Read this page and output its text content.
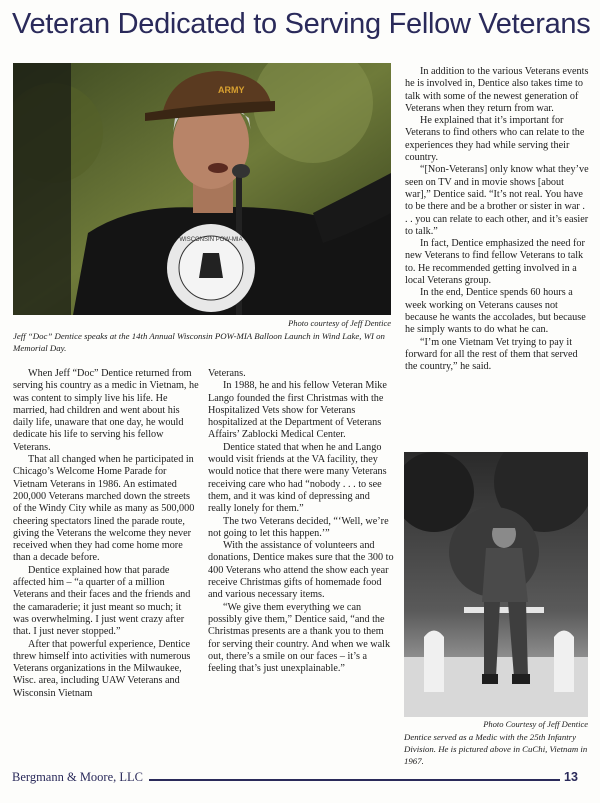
Veteran Dedicated to Serving Fellow Veterans
ARMY
WISCONSIN POW-MIA
Photo courtesy of Jeff Dentice
Jeff “Doc” Dentice speaks at the 14th Annual Wisconsin POW-MIA Balloon Launch in Wind Lake, WI on Memorial Day.

When Jeff “Doc” Dentice returned from serving his country as a medic in Vietnam, he was content to simply live his life. He married, had children and went about his daily life, unaware that one day, he would dedicate his life to serving his fellow Veterans.

That all changed when he participated in Chicago’s Welcome Home Parade for Vietnam Veterans in 1986. An estimated 200,000 Veterans marched down the streets of the Windy City while as many as 500,000 cheering spectators lined the parade route, giving the Veterans the welcome they never received when they had come home more than a decade before.

Dentice explained how that parade affected him – “a quarter of a million Veterans and their faces and the friends and the camaraderie; it just meant so much; it was overwhelming. I just went crazy after that. I just never stopped.”

After that powerful experience, Dentice threw himself into activities with numerous Veterans organizations in the Milwaukee, Wisc. area, including UAW Veterans and Wisconsin Vietnam

Veterans.

In 1988, he and his fellow Veteran Mike Lango founded the first Christmas with the Hospitalized Vets show for Veterans hospitalized at the Department of Veterans Affairs’ Zablocki Medical Center.

Dentice stated that when he and Lango would visit friends at the VA facility, they would notice that there were many Veterans receiving care who had “nobody . . . to see them, and it was kind of depressing and really lonely for them.”

The two Veterans decided, “‘Well, we’re not going to let this happen.’”

With the assistance of volunteers and donations, Dentice makes sure that the 300 to 400 Veterans who attend the show each year receive Christmas gifts of homemade food and various necessary items.

“We give them everything we can possibly give them,” Dentice said, “and the Christmas presents are a thank you to them for serving their country. And when we walk out, there’s a smile on our faces – it’s a feeling that’s just unexplainable.”

In addition to the various Veterans events he is involved in, Dentice also takes time to talk with some of the newest generation of Veterans when they return from war.

He explained that it’s important for Veterans to find others who can relate to the experiences they had while serving their country.

“[Non-Veterans] only know what they’ve seen on TV and in movie shows [about war],” Dentice said. “It’s not real. You have to be there and be a brother or sister in war . . . you can relate to each other, and it’s easier to talk.”

In fact, Dentice emphasized the need for new Veterans to find fellow Veterans to talk to. He recommended getting involved in a local Veterans group.

In the end, Dentice spends 60 hours a week working on Veterans causes not because he wants the accolades, but because he simply wants to do what he can.

“I’m one Vietnam Vet trying to pay it forward for all the rest of them that served the country,” he said.

Photo Courtesy of Jeff Dentice
Dentice served as a Medic with the 25th Infantry Division. He is pictured above in CuChi, Vietnam in 1967.
Bergmann & Moore, LLC	13
